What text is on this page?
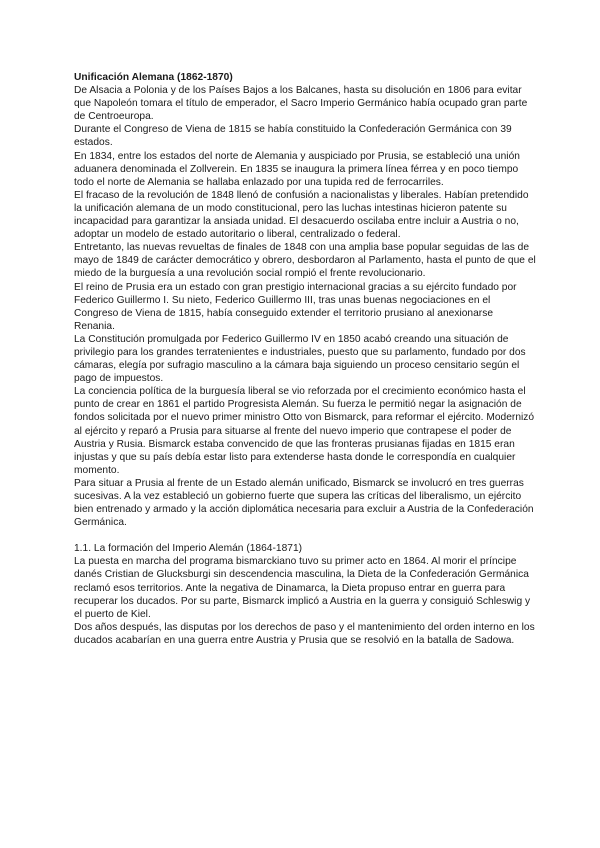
Unificación Alemana (1862-1870)

De Alsacia a Polonia y de los Países Bajos a los Balcanes, hasta su disolución en 1806 para evitar que Napoleón tomara el título de emperador, el Sacro Imperio Germánico había ocupado gran parte de Centroeuropa.

Durante el Congreso de Viena de 1815 se había constituido la Confederación Germánica con 39 estados.

En 1834, entre los estados del norte de Alemania y auspiciado por Prusia, se estableció una unión aduanera denominada el Zollverein. En 1835 se inaugura la primera línea férrea y en poco tiempo todo el norte de Alemania se hallaba enlazado por una tupida red de ferrocarriles.

El fracaso de la revolución de 1848 llenó de confusión a nacionalistas y liberales. Habían pretendido la unificación alemana de un modo constitucional, pero las luchas intestinas hicieron patente su incapacidad para garantizar la ansiada unidad. El desacuerdo oscilaba entre incluir a Austria o no, adoptar un modelo de estado autoritario o liberal, centralizado o federal.

Entretanto, las nuevas revueltas de finales de 1848 con una amplia base popular seguidas de las de mayo de 1849 de carácter democrático y obrero, desbordaron al Parlamento, hasta el punto de que el miedo de la burguesía a una revolución social rompió el frente revolucionario.

El reino de Prusia era un estado con gran prestigio internacional gracias a su ejército fundado por Federico Guillermo I. Su nieto, Federico Guillermo III, tras unas buenas negociaciones en el Congreso de Viena de 1815, había conseguido extender el territorio prusiano al anexionarse Renania.

La Constitución promulgada por Federico Guillermo IV en 1850 acabó creando una situación de privilegio para los grandes terratenientes e industriales, puesto que su parlamento, fundado por dos cámaras, elegía por sufragio masculino a la cámara baja siguiendo un proceso censitario según el pago de impuestos.

La conciencia política de la burguesía liberal se vio reforzada por el crecimiento económico hasta el punto de crear en 1861 el partido Progresista Alemán. Su fuerza le permitió negar la asignación de fondos solicitada por el nuevo primer ministro Otto von Bismarck, para reformar el ejército. Modernizó al ejército y reparó a Prusia para situarse al frente del nuevo imperio que contrapese el poder de Austria y Rusia. Bismarck estaba convencido de que las fronteras prusianas fijadas en 1815 eran injustas y que su país debía estar listo para extenderse hasta donde le correspondía en cualquier momento.

Para situar a Prusia al frente de un Estado alemán unificado, Bismarck se involucró en tres guerras sucesivas. A la vez estableció un gobierno fuerte que supera las críticas del liberalismo, un ejército bien entrenado y armado y la acción diplomática necesaria para excluir a Austria de la Confederación Germánica.

1.1. La formación del Imperio Alemán (1864-1871)

La puesta en marcha del programa bismarckiano tuvo su primer acto en 1864. Al morir el príncipe danés Cristian de Glucksburgi sin descendencia masculina, la Dieta de la Confederación Germánica reclamó esos territorios. Ante la negativa de Dinamarca, la Dieta propuso entrar en guerra para recuperar los ducados. Por su parte, Bismarck implicó a Austria en la guerra y consiguió Schleswig y el puerto de Kiel.

Dos años después, las disputas por los derechos de paso y el mantenimiento del orden interno en los ducados acabarían en una guerra entre Austria y Prusia que se resolvió en la batalla de Sadowa.
